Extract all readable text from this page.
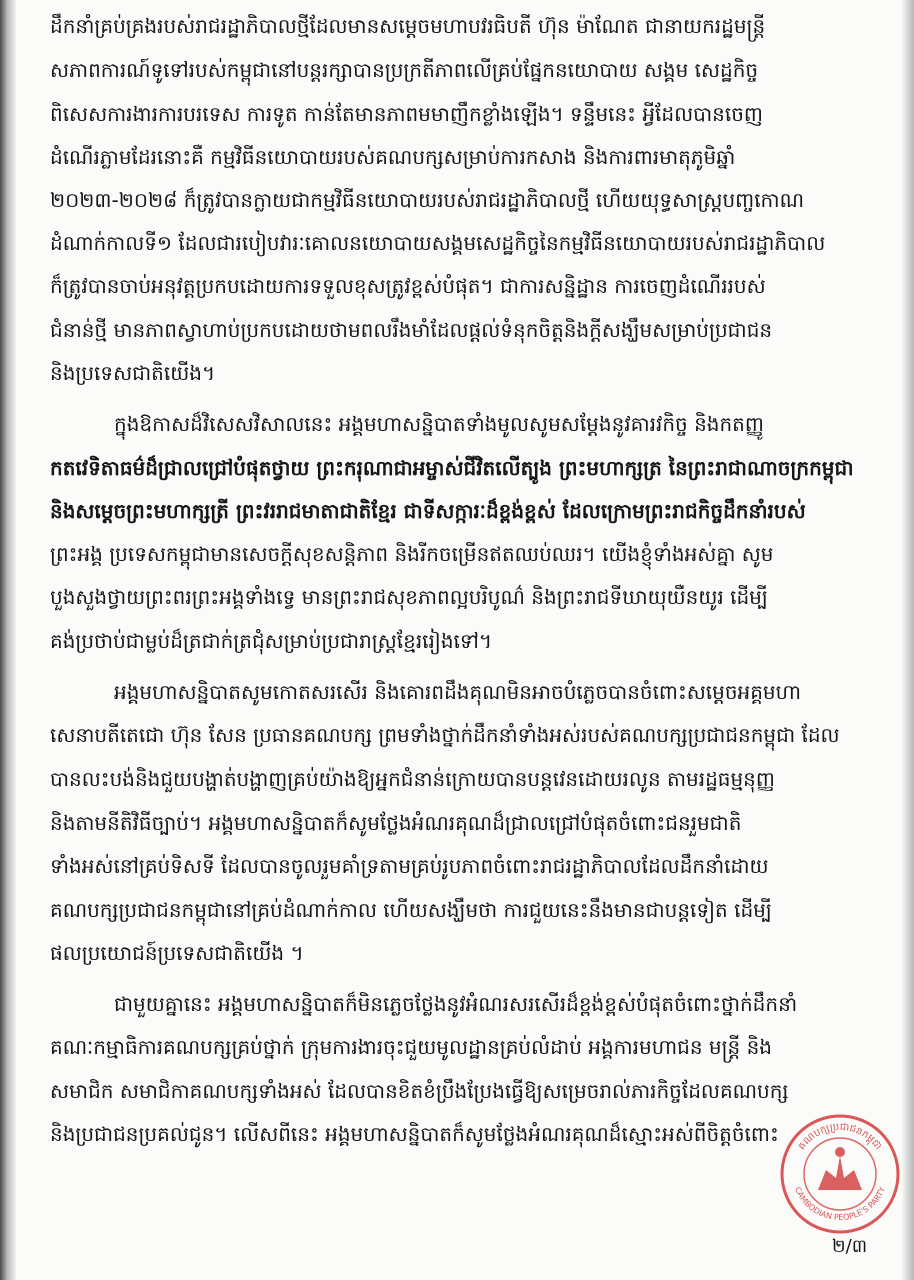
ដឹកនាំគ្រប់គ្រងរបស់រាជរដ្ឋាភិបាលថ្មីដែលមានសម្ដេចមហាបវរធិបតី ហ៊ុន ម៉ាណែត ជានាយករដ្ឋមន្ត្រី
សភាពការណ៍ទូទៅរបស់កម្ពុជានៅបន្តរក្សាបានប្រក្រតីភាពលើគ្រប់ផ្នែកនយោបាយ សង្គម សេដ្ឋកិច្ច
ពិសេសការងារការបរទេស ការទូត កាន់តែមានភាពមមាញឹកខ្លាំងឡើង។ ទន្ទឹមនេះ អ្វីដែលបានចេញ
ដំណើរភ្លាមដែរនោះគឺ កម្មវិធីនយោបាយរបស់គណបក្សសម្រាប់ការកសាង និងការពារមាតុភូមិឆ្នាំ
២០២៣-២០២៨ ក៏ត្រូវបានក្លាយជាកម្មវិធីនយោបាយរបស់រាជរដ្ឋាភិបាលថ្មី ហើយយុទ្ធសាស្ត្របញ្ចកោណ
ដំណាក់កាលទី១ ដែលជារបៀបវារៈគោលនយោបាយសង្គមសេដ្ឋកិច្ចនៃកម្មវិធីនយោបាយរបស់រាជរដ្ឋាភិបាល
ក៏ត្រូវបានចាប់អនុវត្តប្រកបដោយការទទួលខុសត្រូវខ្ពស់បំផុត។ ជាការសន្និដ្ឋាន ការចេញដំណើររបស់
ជំនាន់ថ្មី មានភាពស្វាហាប់ប្រកបដោយថាមពលរឹងមាំដែលផ្ដល់ទំនុកចិត្តនិងក្ដីសង្ឃឹមសម្រាប់ប្រជាជន
និងប្រទេសជាតិយើង។
ក្នុងឱកាសដ៏វិសេសវិសាលនេះ អង្គមហាសន្និបាតទាំងមូលសូមសម្ដែងនូវគារវកិច្ច និងកតញ្ញូ
កតវេទិតាធម៌ដ៏ជ្រាលជ្រៅបំផុតថ្វាយ ព្រះករុណាជាអម្ចាស់ជីវិតលើត្បូង ព្រះមហាក្សត្រ នៃព្រះរាជាណាចក្រកម្ពុជា
និងសម្ដេចព្រះមហាក្សត្រី ព្រះវររាជមាតាជាតិខ្មែរ ជាទីសក្ការៈដ៏ខ្ពង់ខ្ពស់ ដែលក្រោមព្រះរាជកិច្ចដឹកនាំរបស់
ព្រះអង្គ ប្រទេសកម្ពុជាមានសេចក្ដីសុខសន្តិភាព និងរីកចម្រើនឥតឈប់ឈរ។ យើងខ្ញុំទាំងអស់គ្នា សូម
បួងសួងថ្វាយព្រះពរព្រះអង្គទាំងទ្វេ មានព្រះរាជសុខភាពល្អបរិបូណ៌ និងព្រះរាជទីឃាយុយឺនយូរ ដើម្បី
គង់ប្រថាប់ជាម្លប់ដ៏ត្រជាក់ត្រជុំសម្រាប់ប្រជារាស្ត្រខ្មែររៀងទៅ។
អង្គមហាសន្និបាតសូមកោតសរសើរ និងគោរពដឹងគុណមិនអាចបំភ្លេចបានចំពោះសម្ដេចអគ្គមហា
សេនាបតីតេជោ ហ៊ុន សែន ប្រធានគណបក្ស ព្រមទាំងថ្នាក់ដឹកនាំទាំងអស់របស់គណបក្សប្រជាជនកម្ពុជា ដែល
បានលះបង់និងជួយបង្ហាត់បង្ហាញគ្រប់យ៉ាងឱ្យអ្នកជំនាន់ក្រោយបានបន្តវេនដោយរលូន តាមរដ្ឋធម្មនុញ្ញ
និងតាមនីតិវិធីច្បាប់។ អង្គមហាសន្និបាតក៏សូមថ្លែងអំណរគុណដ៏ជ្រាលជ្រៅបំផុតចំពោះជនរួមជាតិ
ទាំងអស់នៅគ្រប់ទិសទី ដែលបានចូលរួមគាំទ្រតាមគ្រប់រូបភាពចំពោះរាជរដ្ឋាភិបាលដែលដឹកនាំដោយ
គណបក្សប្រជាជនកម្ពុជានៅគ្រប់ដំណាក់កាល ហើយសង្ឃឹមថា ការជួយនេះនឹងមានជាបន្តទៀត ដើម្បី
ផលប្រយោជន៍ប្រទេសជាតិយើង ។
ជាមួយគ្នានេះ អង្គមហាសន្និបាតក៏មិនភ្លេចថ្លែងនូវអំណរសរសើរដ៏ខ្ពង់ខ្ពស់បំផុតចំពោះថ្នាក់ដឹកនាំ
គណៈកម្មាធិការគណបក្សគ្រប់ថ្នាក់ ក្រុមការងារចុះជួយមូលដ្ឋានគ្រប់លំដាប់ អង្គការមហាជន មន្ត្រី និង
សមាជិក សមាជិកាគណបក្សទាំងអស់ ដែលបានខិតខំប្រឹងប្រែងធ្វើឱ្យសម្រេចរាល់ភារកិច្ចដែលគណបក្ស
និងប្រជាជនប្រគល់ជូន។ លើសពីនេះ អង្គមហាសន្និបាតក៏សូមថ្លែងអំណរគុណដ៏ស្មោះអស់ពីចិត្តចំពោះ
គណបក្សប្រជាជនកម្ពុជា
CAMBODIAN PEOPLE'S PARTY
២/៣
